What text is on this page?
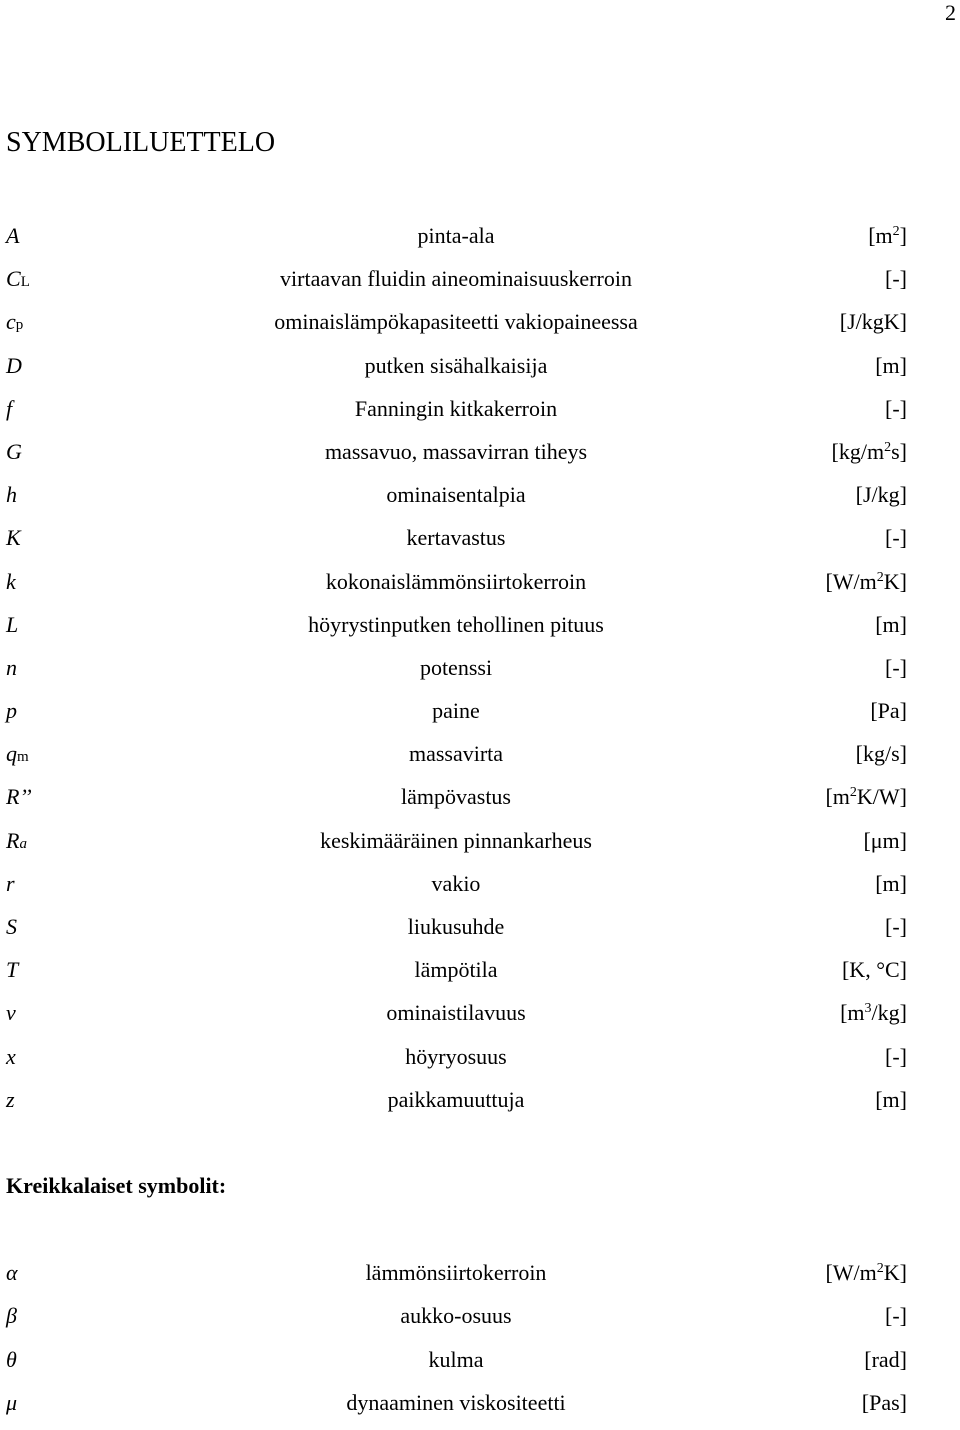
2
SYMBOLILUETTELO
A	pinta-ala	$[m^2]$
CL	virtaavan fluidin aineominaisuuskerroin	[-]
cp	ominaislämpökapasiteetti vakiopaineessa	[J/kgK]
D	putken sisähalkaisija	[m]
f	Fanningin kitkakerroin	[-]
G	massavuo, massavirran tiheys	$[kg/m^2s]$
h	ominaisentalpia	[J/kg]
K	kertavastus	[-]
k	kokonaislämmönsiirtokerroin	$[W/m^2K]$
L	höyrystinputken tehollinen pituus	[m]
n	potenssi	[-]
p	paine	[Pa]
qm	massavirta	[kg/s]
R’’	lämpövastus	$[m^2K/W]$
Ra	keskimääräinen pinnankarheus	[μm]
r	vakio	[m]
S	liukusuhde	[-]
T	lämpötila	[K, °C]
v	ominaistilavuus	$[m^3/kg]$
x	höyryosuus	[-]
z	paikkamuuttuja	[m]
Kreikkalaiset symbolit:
α	lämmönsiirtokerroin	$[W/m^2K]$
β	aukko-osuus	[-]
θ	kulma	[rad]
μ	dynaaminen viskositeetti	[Pas]
